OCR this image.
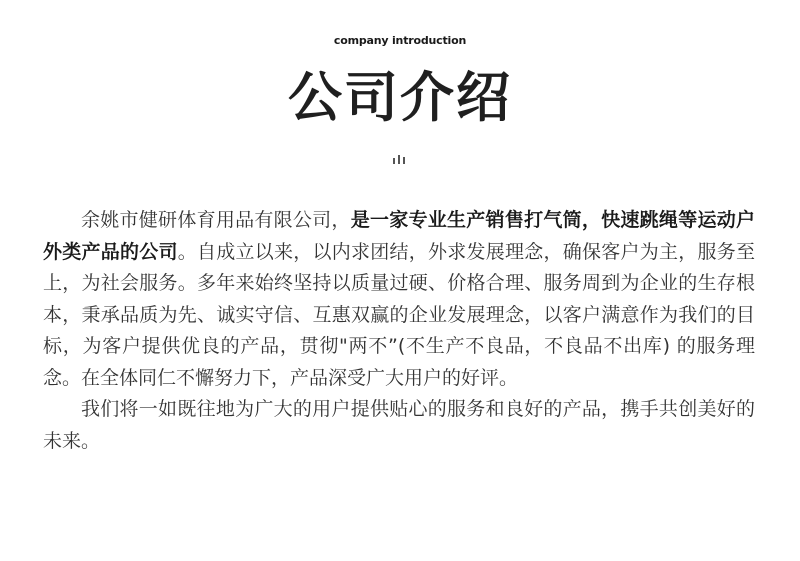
company introduction
公司介绍

余姚市健研体育用品有限公司，是一家专业生产销售打气筒，快速跳绳等运动户外类产品的公司。自成立以来，以内求团结，外求发展理念，确保客户为主，服务至上，为社会服务。多年来始终坚持以质量过硬、价格合理、服务周到为企业的生存根本，秉承品质为先、诚实守信、互惠双赢的企业发展理念，以客户满意作为我们的目标，为客户提供优良的产品，贯彻"两不”(不生产不良品，不良品不出库) 的服务理念。在全体同仁不懈努力下，产品深受广大用户的好评。

我们将一如既往地为广大的用户提供贴心的服务和良好的产品，携手共创美好的未来。
